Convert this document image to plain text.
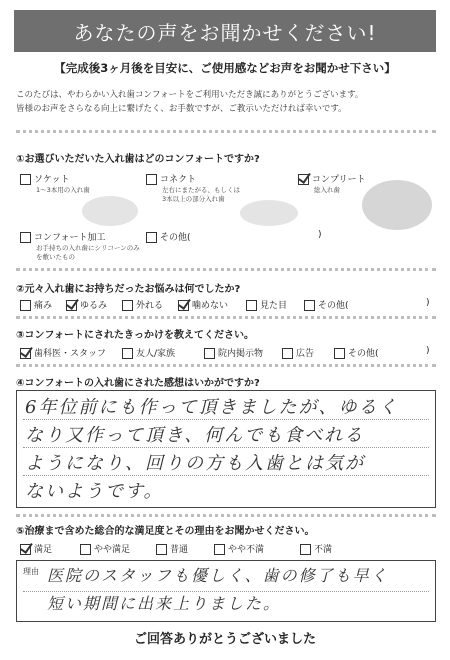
あなたの声をお聞かせください!
【完成後3ヶ月後を目安に、ご使用感などお声をお聞かせ下さい】
このたびは、やわらかい入れ歯コンフォートをご利用いただき誠にありがとうございます。
皆様のお声をさらなる向上に繋げたく、お手数ですが、ご教示いただければ幸いです。
①お選びいただいた入れ歯はどのコンフォートですか?
ソケット
1～3本用の入れ歯
コネクト
左右にまたがる、もしくは3本以上の部分入れ歯
コンプリート
総入れ歯
コンフォート加工
お手持ちの入れ歯にシリコーンのみを敷いたもの
その他(	)
②元々入れ歯にお持ちだったお悩みは何でしたか?
痛み	ゆるみ	外れる	噛めない	見た目	その他(	)
③コンフォートにされたきっかけを教えてください。
歯科医・スタッフ	友人/家族	院内掲示物	広告	その他(	)
④コンフォートの入れ歯にされた感想はいかがですか?
6年位前にも作って頂きましたが、ゆるく
なり又作って頂き、何んでも食べれる
ようになり、回りの方も入歯とは気が
ないようです。
⑤治療まで含めた総合的な満足度とその理由をお聞かせください。
満足	やや満足	普通	やや不満	不満
理由 医院のスタッフも優しく、歯の修了も早く
短い期間に出来上りました。
ご回答ありがとうございました
